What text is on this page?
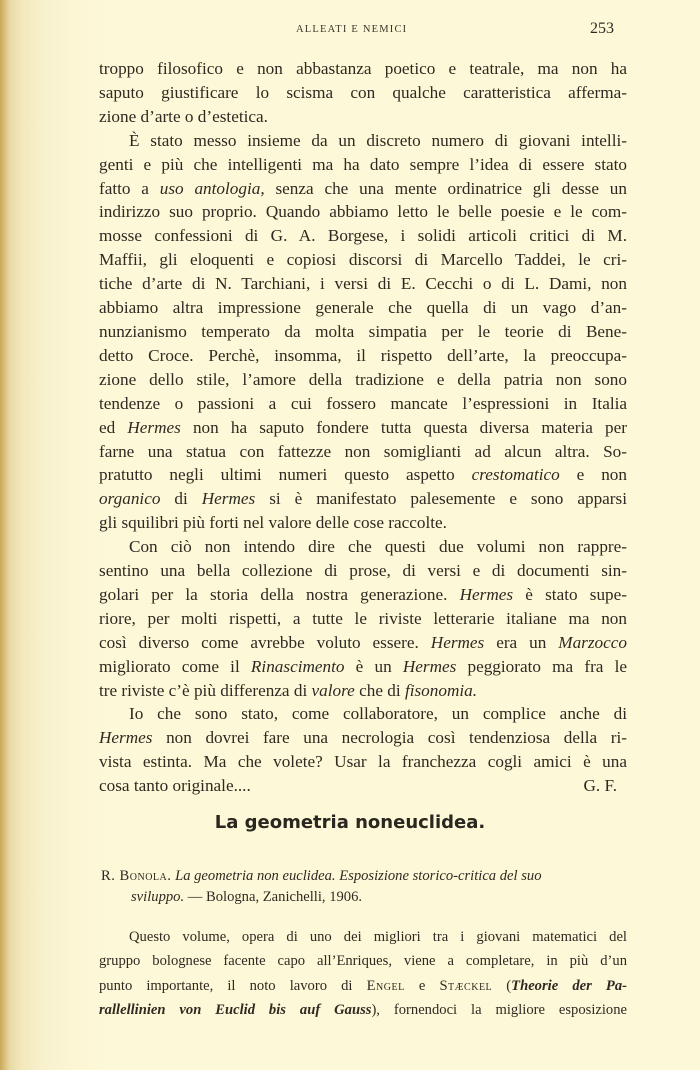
ALLEATI E NEMICI	253
troppo filosofico e non abbastanza poetico e teatrale, ma non ha
saputo giustificare lo scisma con qualche caratteristica afferma-
zione d’arte o d’estetica.
È stato messo insieme da un discreto numero di giovani intelli-
genti e più che intelligenti ma ha dato sempre l’idea di essere stato
fatto a uso antologia, senza che una mente ordinatrice gli desse un
indirizzo suo proprio. Quando abbiamo letto le belle poesie e le com-
mosse confessioni di G. A. Borgese, i solidi articoli critici di M.
Maffii, gli eloquenti e copiosi discorsi di Marcello Taddei, le cri-
tiche d’arte di N. Tarchiani, i versi di E. Cecchi o di L. Dami, non
abbiamo altra impressione generale che quella di un vago d’an-
nunzianismo temperato da molta simpatia per le teorie di Bene-
detto Croce. Perchè, insomma, il rispetto dell’arte, la preoccupa-
zione dello stile, l’amore della tradizione e della patria non sono
tendenze o passioni a cui fossero mancate l’espressioni in Italia
ed Hermes non ha saputo fondere tutta questa diversa materia per
farne una statua con fattezze non somiglianti ad alcun altra. So-
pratutto negli ultimi numeri questo aspetto crestomatico e non
organico di Hermes si è manifestato palesemente e sono apparsi
gli squilibri più forti nel valore delle cose raccolte.
Con ciò non intendo dire che questi due volumi non rappre-
sentino una bella collezione di prose, di versi e di documenti sin-
golari per la storia della nostra generazione. Hermes è stato supe-
riore, per molti rispetti, a tutte le riviste letterarie italiane ma non
così diverso come avrebbe voluto essere. Hermes era un Marzocco
migliorato come il Rinascimento è un Hermes peggiorato ma fra le
tre riviste c’è più differenza di valore che di fisonomia.
Io che sono stato, come collaboratore, un complice anche di
Hermes non dovrei fare una necrologia così tendenziosa della ri-
vista estinta. Ma che volete? Usar la franchezza cogli amici è una
cosa tanto originale....	G. F.
La geometria noneuclidea.
R. Bonola. La geometria non euclidea. Esposizione storico-critica del suo
sviluppo. — Bologna, Zanichelli, 1906.
Questo volume, opera di uno dei migliori tra i giovani matematici del
gruppo bolognese facente capo all’Enriques, viene a completare, in più d’un
punto importante, il noto lavoro di Engel e Stæckel (Theorie der Pa-
rallellinien von Euclid bis auf Gauss), fornendoci la migliore esposizione
